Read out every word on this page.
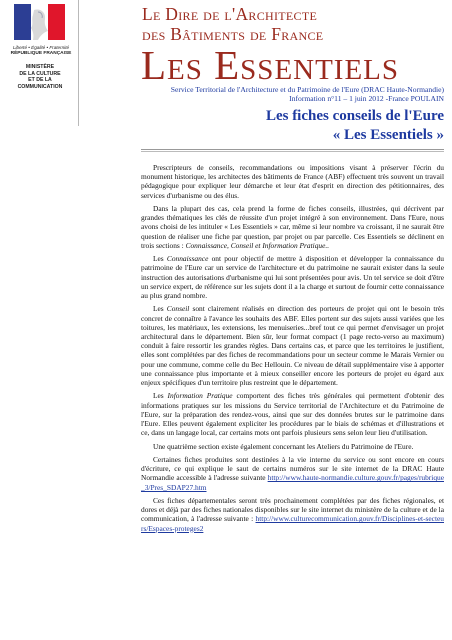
Liberté • Égalité • Fraternité
RÉPUBLIQUE FRANÇAISE
MINISTÈRE
DE LA CULTURE
ET DE LA
COMMUNICATION
Le Dire de l'Architecte
des Bâtiments de France
Les Essentiels
Service Territorial de l'Architecture et du Patrimoine de l'Eure (DRAC Haute-Normandie)
Information n°11 – 1 juin 2012 -France POULAIN
Les fiches conseils de l'Eure
« Les Essentiels »

Prescripteurs de conseils, recommandations ou impositions visant à préserver l'écrin du monument historique, les architectes des bâtiments de France (ABF) effectuent très souvent un travail pédagogique pour expliquer leur démarche et leur état d'esprit en direction des pétitionnaires, des services d'urbanisme ou des élus.

Dans la plupart des cas, cela prend la forme de fiches conseils, illustrées, qui décrivent par grandes thématiques les clés de réussite d'un projet intégré à son environnement. Dans l'Eure, nous avons choisi de les intituler « Les Essentiels » car, même si leur nombre va croissant, il ne saurait être question de réaliser une fiche par question, par projet ou par parcelle. Ces Essentiels se déclinent en trois sections : Connaissance, Conseil et Information Pratique..

Les Connaissance ont pour objectif de mettre à disposition et développer la connaissance du patrimoine de l'Eure car un service de l'architecture et du patrimoine ne saurait exister dans la seule instruction des autorisations d'urbanisme qui lui sont présentées pour avis. Un tel service se doit d'être un service expert, de référence sur les sujets dont il a la charge et surtout de fournir cette connaissance au plus grand nombre.

Les Conseil sont clairement réalisés en direction des porteurs de projet qui ont le besoin très concret de connaître à l'avance les souhaits des ABF. Elles portent sur des sujets aussi variées que les toitures, les matériaux, les extensions, les menuiseries...bref tout ce qui permet d'envisager un projet architectural dans le département. Bien sûr, leur format compact (1 page recto-verso au maximum) conduit à faire ressortir les grandes règles. Dans certains cas, et parce que les territoires le justifient, elles sont complétées par des fiches de recommandations pour un secteur comme le Marais Vernier ou pour une commune, comme celle du Bec Hellouin. Ce niveau de détail supplémentaire vise à apporter une connaissance plus importante et à mieux conseiller encore les porteurs de projet eu égard aux enjeux spécifiques d'un territoire plus restreint que le département.

Les Information Pratique comportent des fiches très générales qui permettent d'obtenir des informations pratiques sur les missions du Service territorial de l'Architecture et du Patrimoine de l'Eure, sur la préparation des rendez-vous, ainsi que sur des données brutes sur le patrimoine dans l'Eure. Elles peuvent également expliciter les procédures par le biais de schémas et d'illustrations et ce, dans un langage local, car certains mots ont parfois plusieurs sens selon leur lieu d'utilisation.

Une quatrième section existe également concernant les Ateliers du Patrimoine de l'Eure.

Certaines fiches produites sont destinées à la vie interne du service ou sont encore en cours d'écriture, ce qui explique le saut de certains numéros sur le site internet de la DRAC Haute Normandie accessible à l'adresse suivante http://www.haute-normandie.culture.gouv.fr/pages/rubrique_3/Pres_SDAP27.htm

Ces fiches départementales seront très prochainement complétées par des fiches régionales, et dores et déjà par des fiches nationales disponibles sur le site internet du ministère de la culture et de la communication, à l'adresse suivante : http://www.culturecommunication.gouv.fr/Disciplines-et-secteurs/Espaces-proteges2
